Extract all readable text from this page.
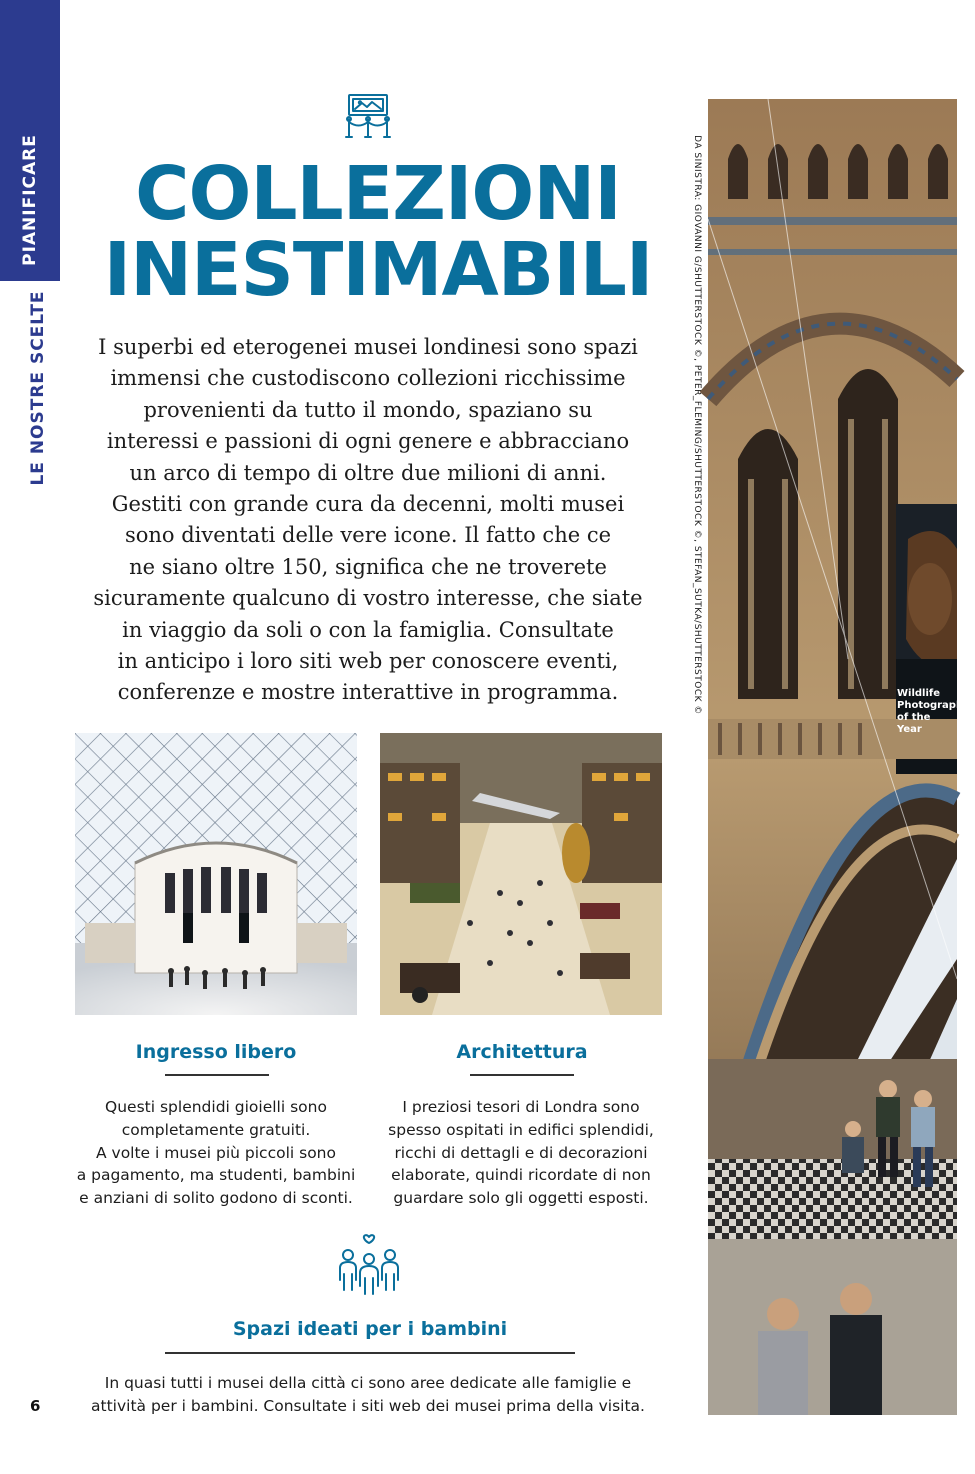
PIANIFICARE
LE NOSTRE SCELTE
COLLEZIONI
INESTIMABILI
I superbi ed eterogenei musei londinesi sono spazi
immensi che custodiscono collezioni ricchissime
provenienti da tutto il mondo, spaziano su
interessi e passioni di ogni genere e abbracciano
un arco di tempo di oltre due milioni di anni.
Gestiti con grande cura da decenni, molti musei
sono diventati delle vere icone. Il fatto che ce
ne siano oltre 150, significa che ne troverete
sicuramente qualcuno di vostro interesse, che siate
in viaggio da soli o con la famiglia. Consultate
in anticipo i loro siti web per conoscere eventi,
conferenze e mostre interattive in programma.
Ingresso libero
Questi splendidi gioielli sono
completamente gratuiti.
A volte i musei più piccoli sono
a pagamento, ma studenti, bambini
e anziani di solito godono di sconti.
Architettura
I preziosi tesori di Londra sono
spesso ospitati in edifici splendidi,
ricchi di dettagli e di decorazioni
elaborate, quindi ricordate di non
guardare solo gli oggetti esposti.
Spazi ideati per i bambini
In quasi tutti i musei della città ci sono aree dedicate alle famiglie e
attività per i bambini. Consultate i siti web dei musei prima della visita.
6
DA SINISTRA: GIOVANNI G/SHUTTERSTOCK ©, PETER_FLEMING/SHUTTERSTOCK ©, STEFAN_SUTKA/SHUTTERSTOCK ©	Wildlife
Photographer
of the Year
